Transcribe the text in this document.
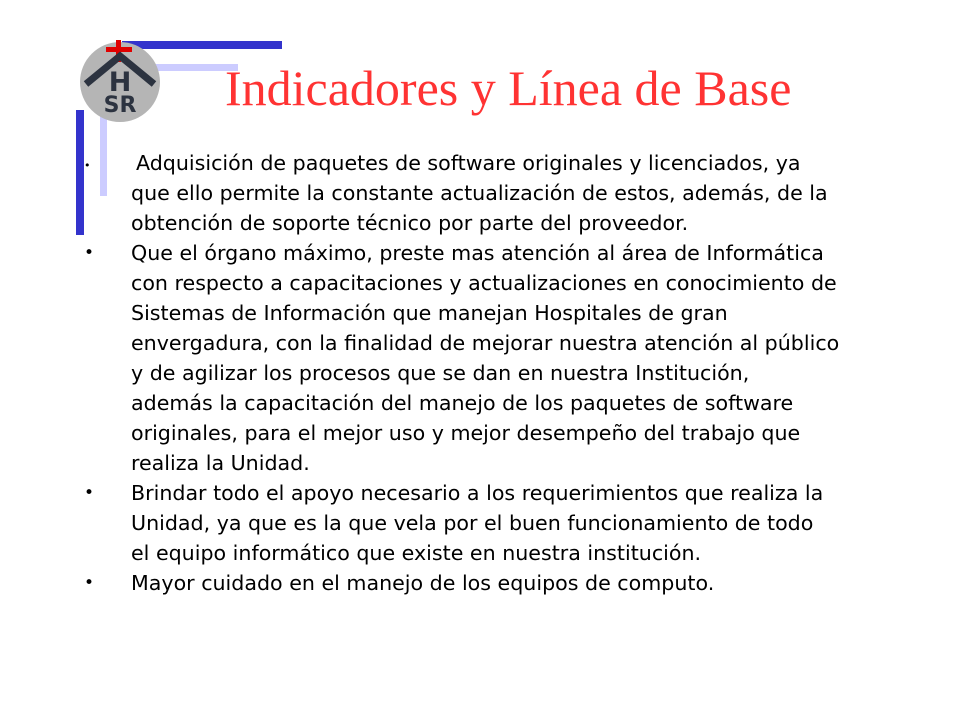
H
SR Indicadores y Línea de Base
• Adquisición de paquetes de software originales y licenciados, ya
que ello permite la constante actualización de estos, además, de la
obtención de soporte técnico por parte del proveedor.
• Que el órgano máximo, preste mas atención al área de Informática
con respecto a capacitaciones y actualizaciones en conocimiento de
Sistemas de Información que manejan Hospitales de gran
envergadura, con la finalidad de mejorar nuestra atención al público
y de agilizar los procesos que se dan en nuestra Institución,
además la capacitación del manejo de los paquetes de software
originales, para el mejor uso y mejor desempeño del trabajo que
realiza la Unidad.
• Brindar todo el apoyo necesario a los requerimientos que realiza la
Unidad, ya que es la que vela por el buen funcionamiento de todo
el equipo informático que existe en nuestra institución.
• Mayor cuidado en el manejo de los equipos de computo.
